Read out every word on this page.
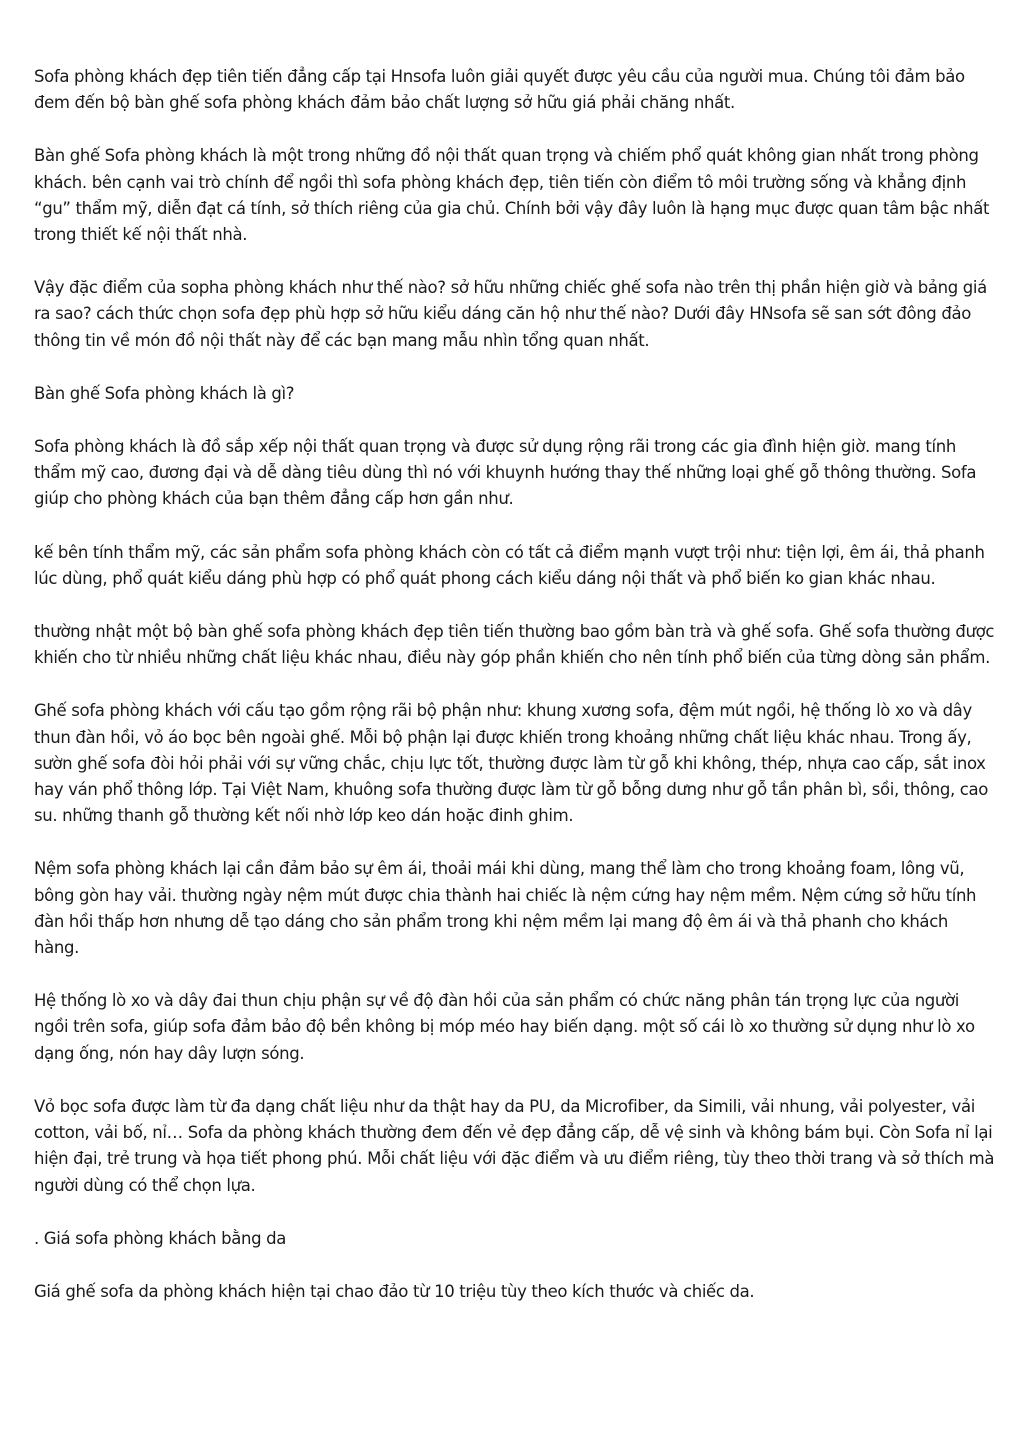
Sofa phòng khách đẹp tiên tiến đẳng cấp tại Hnsofa luôn giải quyết được yêu cầu của người mua. Chúng tôi đảm bảo đem đến bộ bàn ghế sofa phòng khách đảm bảo chất lượng sở hữu giá phải chăng nhất.

Bàn ghế Sofa phòng khách là một trong những đồ nội thất quan trọng và chiếm phổ quát không gian nhất trong phòng khách. bên cạnh vai trò chính để ngồi thì sofa phòng khách đẹp, tiên tiến còn điểm tô môi trường sống và khẳng định “gu” thẩm mỹ, diễn đạt cá tính, sở thích riêng của gia chủ. Chính bởi vậy đây luôn là hạng mục được quan tâm bậc nhất trong thiết kế nội thất nhà.

Vậy đặc điểm của sopha phòng khách như thế nào? sở hữu những chiếc ghế sofa nào trên thị phần hiện giờ và bảng giá ra sao? cách thức chọn sofa đẹp phù hợp sở hữu kiểu dáng căn hộ như thế nào? Dưới đây HNsofa sẽ san sớt đông đảo thông tin về món đồ nội thất này để các bạn mang mẫu nhìn tổng quan nhất.

Bàn ghế Sofa phòng khách là gì?

Sofa phòng khách là đồ sắp xếp nội thất quan trọng và được sử dụng rộng rãi trong các gia đình hiện giờ. mang tính thẩm mỹ cao, đương đại và dễ dàng tiêu dùng thì nó với khuynh hướng thay thế những loại ghế gỗ thông thường. Sofa giúp cho phòng khách của bạn thêm đẳng cấp hơn gần như.

kế bên tính thẩm mỹ, các sản phẩm sofa phòng khách còn có tất cả điểm mạnh vượt trội như: tiện lợi, êm ái, thả phanh lúc dùng, phổ quát kiểu dáng phù hợp có phổ quát phong cách kiểu dáng nội thất và phổ biến ko gian khác nhau.

thường nhật một bộ bàn ghế sofa phòng khách đẹp tiên tiến thường bao gồm bàn trà và ghế sofa. Ghế sofa thường được khiến cho từ nhiều những chất liệu khác nhau, điều này góp phần khiến cho nên tính phổ biến của từng dòng sản phẩm.

Ghế sofa phòng khách với cấu tạo gồm rộng rãi bộ phận như: khung xương sofa, đệm mút ngồi, hệ thống lò xo và dây thun đàn hồi, vỏ áo bọc bên ngoài ghế. Mỗi bộ phận lại được khiến trong khoảng những chất liệu khác nhau. Trong ấy, sườn ghế sofa đòi hỏi phải với sự vững chắc, chịu lực tốt, thường được làm từ gỗ khi không, thép, nhựa cao cấp, sắt inox hay ván phổ thông lớp. Tại Việt Nam, khuông sofa thường được làm từ gỗ bỗng dưng như gỗ tần phân bì, sồi, thông, cao su. những thanh gỗ thường kết nối nhờ lớp keo dán hoặc đinh ghim.

Nệm sofa phòng khách lại cần đảm bảo sự êm ái, thoải mái khi dùng, mang thể làm cho trong khoảng foam, lông vũ, bông gòn hay vải. thường ngày nệm mút được chia thành hai chiếc là nệm cứng hay nệm mềm. Nệm cứng sở hữu tính đàn hồi thấp hơn nhưng dễ tạo dáng cho sản phẩm trong khi nệm mềm lại mang độ êm ái và thả phanh cho khách hàng.

Hệ thống lò xo và dây đai thun chịu phận sự về độ đàn hồi của sản phẩm có chức năng phân tán trọng lực của người ngồi trên sofa, giúp sofa đảm bảo độ bền không bị móp méo hay biến dạng. một số cái lò xo thường sử dụng như lò xo dạng ống, nón hay dây lượn sóng.

Vỏ bọc sofa được làm từ đa dạng chất liệu như da thật hay da PU, da Microfiber, da Simili, vải nhung, vải polyester, vải cotton, vải bố, nỉ… Sofa da phòng khách thường đem đến vẻ đẹp đẳng cấp, dễ vệ sinh và không bám bụi. Còn Sofa nỉ lại hiện đại, trẻ trung và họa tiết phong phú. Mỗi chất liệu với đặc điểm và ưu điểm riêng, tùy theo thời trang và sở thích mà người dùng có thể chọn lựa.

. Giá sofa phòng khách bằng da

Giá ghế sofa da phòng khách hiện tại chao đảo từ 10 triệu tùy theo kích thước và chiếc da.
